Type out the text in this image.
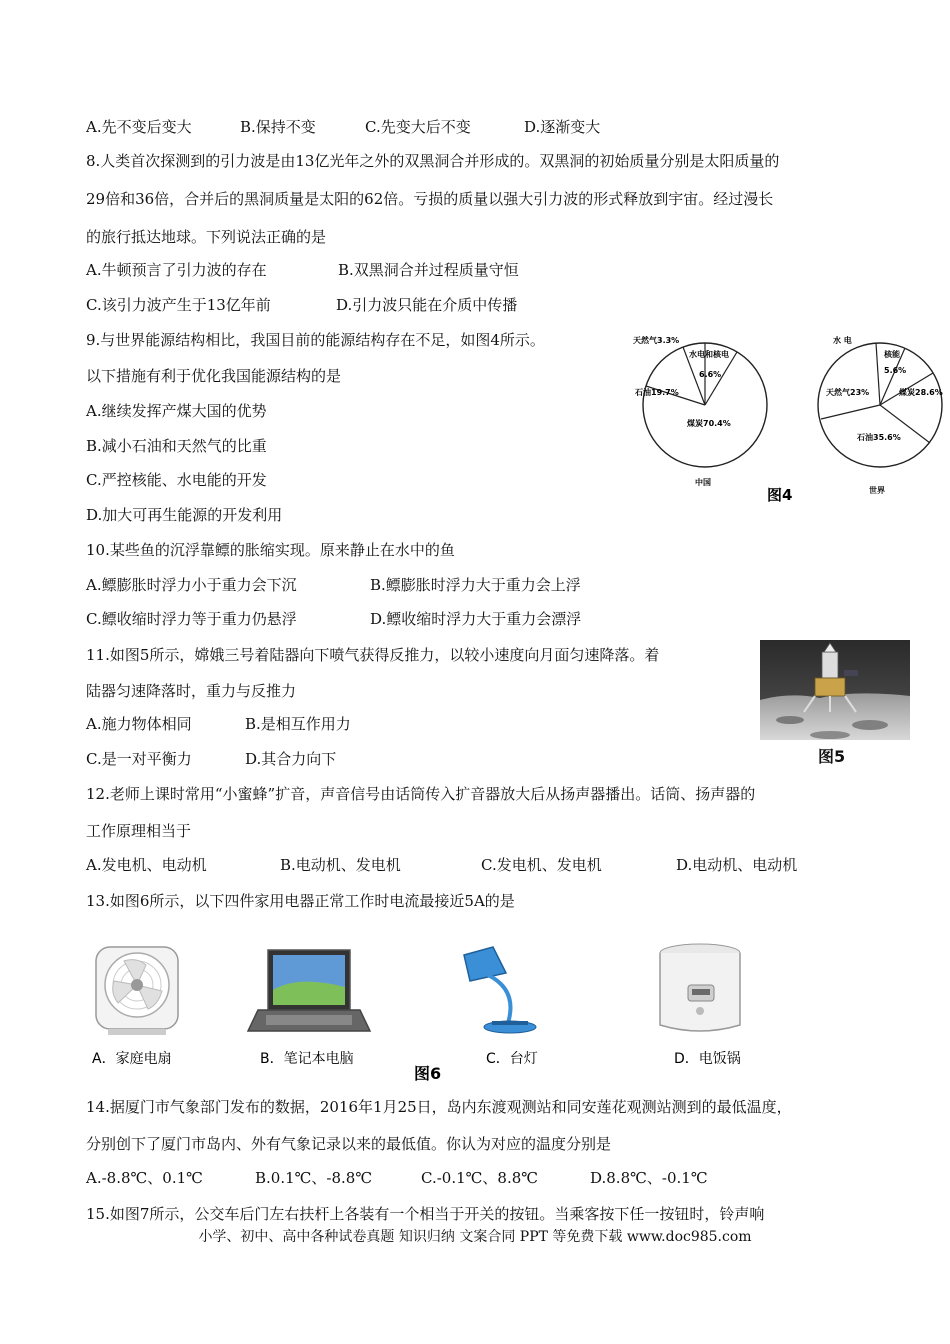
A.先不变后变大	B.保持不变	C.先变大后不变	D.逐渐变大
8.人类首次探测到的引力波是由13亿光年之外的双黑洞合并形成的。双黑洞的初始质量分别是太阳质量的
29倍和36倍，合并后的黑洞质量是太阳的62倍。亏损的质量以强大引力波的形式释放到宇宙。经过漫长
的旅行抵达地球。下列说法正确的是
A.牛顿预言了引力波的存在	B.双黑洞合并过程质量守恒
C.该引力波产生于13亿年前	D.引力波只能在介质中传播
9.与世界能源结构相比，我国目前的能源结构存在不足，如图4所示。
以下措施有利于优化我国能源结构的是
A.继续发挥产煤大国的优势
B.减小石油和天然气的比重
C.严控核能、水电能的开发
D.加大可再生能源的开发利用
天然气3.3%
水电和核电
6.6%
石油19.7%
煤炭70.4%
中国
水 电
核能
5.6%
天然气23%	煤炭28.6%
石油35.6%
世界
图4
10.某些鱼的沉浮靠鳔的胀缩实现。原来静止在水中的鱼
A.鳔膨胀时浮力小于重力会下沉	B.鳔膨胀时浮力大于重力会上浮
C.鳔收缩时浮力等于重力仍悬浮	D.鳔收缩时浮力大于重力会漂浮
11.如图5所示，嫦娥三号着陆器向下喷气获得反推力，以较小速度向月面匀速降落。着
陆器匀速降落时，重力与反推力
A.施力物体相同	B.是相互作用力
C.是一对平衡力	D.其合力向下	图5
12.老师上课时常用“小蜜蜂”扩音，声音信号由话筒传入扩音器放大后从扬声器播出。话筒、扬声器的
工作原理相当于
A.发电机、电动机	B.电动机、发电机	C.发电机、发电机	D.电动机、电动机
13.如图6所示，以下四件家用电器正常工作时电流最接近5A的是
A．家庭电扇	B．笔记本电脑	C．台灯	D．电饭锅
图6
14.据厦门市气象部门发布的数据，2016年1月25日，岛内东渡观测站和同安莲花观测站测到的最低温度，
分别创下了厦门市岛内、外有气象记录以来的最低值。你认为对应的温度分别是
A.-8.8℃、0.1℃	B.0.1℃、-8.8℃	C.-0.1℃、8.8℃	D.8.8℃、-0.1℃
15.如图7所示，公交车后门左右扶杆上各装有一个相当于开关的按钮。当乘客按下任一按钮时，铃声响
小学、初中、高中各种试卷真题 知识归纳 文案合同 PPT 等免费下载 www.doc985.com
